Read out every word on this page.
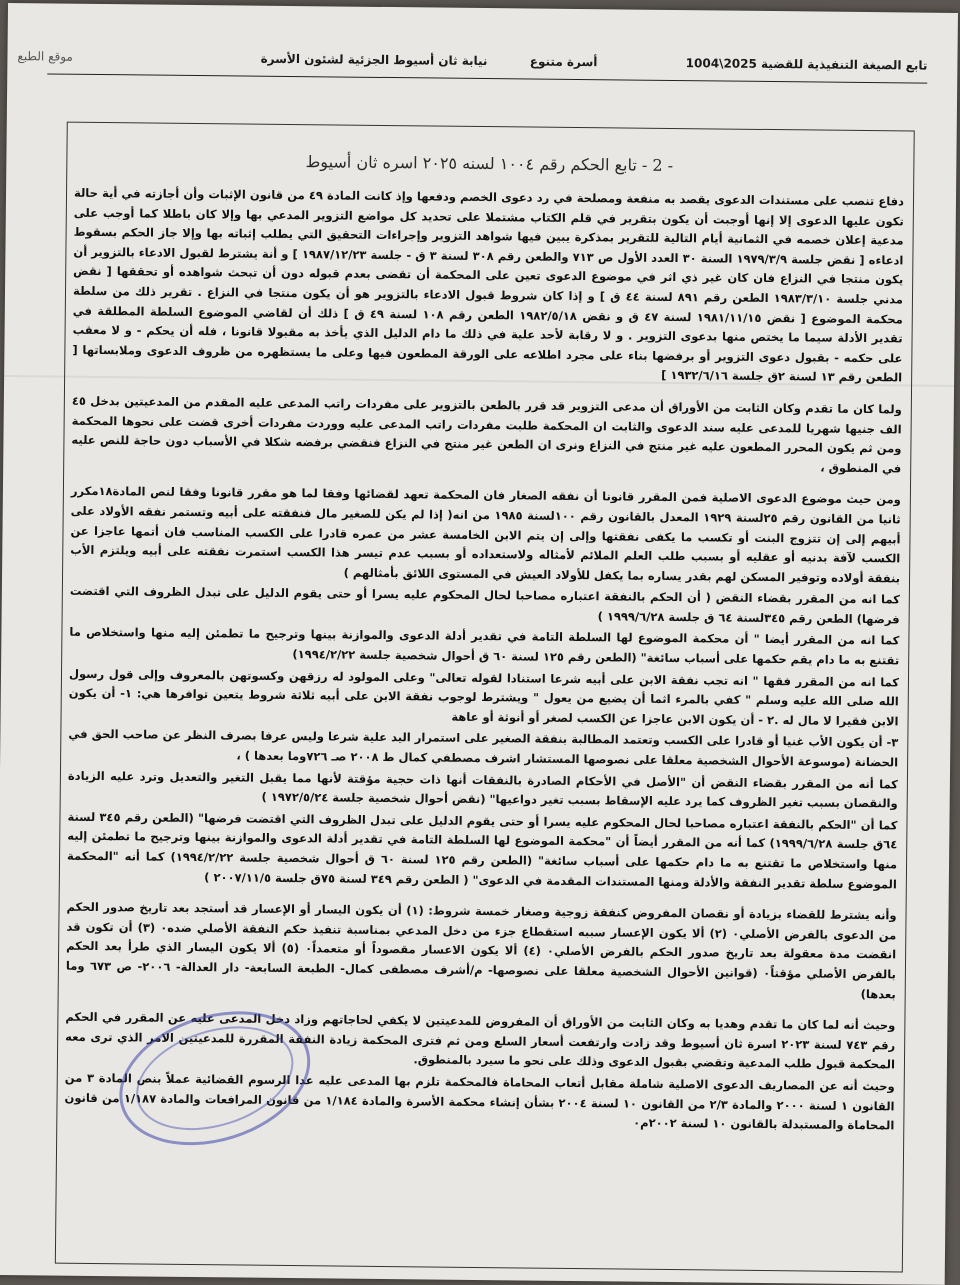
تابع الصيغة التنفيذية للقضية 2025\1004
أسرة متنوع
نيابة ثان أسيوط الجزئية لشئون الأسرة
موقع الطبع
- 2 - تابع الحكم رقم ١٠٠٤ لسنه ٢٠٢٥ اسره ثان أسيوط

دفاع تنصب على مستندات الدعوى يقصد به منفعة ومصلحة في رد دعوى الخصم ودفعها وإذ كانت المادة ٤٩ من قانون الإثبات وأن أجازته في أية حالة تكون عليها الدعوى إلا إنها أوجبت أن يكون بتقرير في قلم الكتاب مشتملا على تحديد كل مواضع التزوير المدعي بها وإلا كان باطلا كما أوجب على مدعية إعلان خصمه في الثمانية أيام التالية للتقرير بمذكرة يبين فيها شواهد التزوير وإجراءات التحقيق التي يطلب إثباته بها وإلا جاز الحكم بسقوط ادعاءه [ نقض جلسة ١٩٧٩/٣/٩ السنة ٣٠ العدد الأول ص ٧١٣ والطعن رقم ٣٠٨ لسنة ٣ ق - جلسة ١٩٨٧/١٢/٢٣ ] و أنة يشترط لقبول الادعاء بالتزوير أن يكون منتجا في النزاع فان كان غير ذي اثر في موضوع الدعوى تعين على المحكمة أن تقضى بعدم قبوله دون أن تبحث شواهده أو تحققها [ نقض مدني جلسة ١٩٨٣/٣/١٠ الطعن رقم ٨٩١ لسنة ٤٤ ق ] و إذا كان شروط قبول الادعاء بالتزوير هو أن يكون منتجا في النزاع . تقرير ذلك من سلطة محكمة الموضوع [ نقض ١٩٨١/١١/١٥ لسنة ٤٧ ق و نقض ١٩٨٢/٥/١٨ الطعن رقم ١٠٨ لسنة ٤٩ ق ] ذلك أن لقاضي الموضوع السلطة المطلقة في تقدير الأدلة سيما ما يختص منها بدعوى التزوير . و لا رقابة لأحد علية في ذلك ما دام الدليل الذي يأخذ به مقبولا قانونا ، فله أن يحكم - و لا معقب على حكمه - بقبول دعوى التزوير أو برفضها بناء على مجرد اطلاعه على الورقة المطعون فيها وعلى ما يستظهره من ظروف الدعوى وملابساتها [ الطعن رقم ١٣ لسنة ٢ق جلسة ١٩٣٢/٦/١٦ ]

ولما كان ما تقدم وكان الثابت من الأوراق أن مدعى التزوير قد قرر بالطعن بالتزوير على مفردات راتب المدعى عليه المقدم من المدعيتين بدخل ٤٥ الف جنيها شهريا للمدعى عليه سند الدعوى والثابت ان المحكمة طلبت مفردات راتب المدعى عليه ووردت مفردات أخرى قضت على نحوها المحكمة ومن ثم يكون المحرر المطعون عليه غير منتج في النزاع ونرى ان الطعن غير منتج في النزاع فنقضي برفضه شكلا في الأسباب دون حاجة للنص عليه في المنطوق ،

ومن حيث موضوع الدعوى الاصلية فمن المقرر قانونا أن نفقه الصغار فان المحكمة تعهد لقضائها وفقا لما هو مقرر قانونا وفقا لنص المادة١٨مكرر ثانيا من القانون رقم ٢٥لسنة ١٩٢٩ المعدل بالقانون رقم ١٠٠لسنة ١٩٨٥ من انه( إذا لم يكن للصغير مال فنفقته على أبيه وتستمر نفقه الأولاد على أبيهم إلى إن تتزوج البنت أو تكسب ما يكفى نفقتها وإلى إن يتم الابن الخامسة عشر من عمره قادرا على الكسب المناسب فان أتمها عاجزا عن الكسب لآفة بدنيه أو عقليه أو بسبب طلب العلم الملائم لأمثاله ولاستعداده أو بسبب عدم تيسر هذا الكسب استمرت نفقته على أبيه ويلتزم الأب بنفقة أولاده وتوفير المسكن لهم بقدر يساره بما يكفل للأولاد العيش في المستوى اللائق بأمثالهم )

كما انه من المقرر بقضاء النقض ( أن الحكم بالنفقة اعتباره مصاحبا لحال المحكوم عليه يسرا أو حتى يقوم الدليل على تبدل الظروف التي اقتضت فرضها) الطعن رقم ٣٤٥لسنة ٦٤ ق جلسة ١٩٩٩/٦/٢٨ )

كما انه من المقرر أيضا " أن محكمة الموضوع لها السلطة التامة في تقدير أدلة الدعوى والموازنة بينها وترجيح ما تطمئن إليه منها واستخلاص ما تقتنع به ما دام يقم حكمها على أسباب سائغة" (الطعن رقم ١٢٥ لسنة ٦٠ ق أحوال شخصية جلسة ١٩٩٤/٢/٢٢)

كما انه من المقرر فقها " انه تجب نفقة الابن على أبيه شرعا استنادا لقوله تعالى" وعلى المولود له رزقهن وكسوتهن بالمعروف وإلى قول رسول الله صلى الله عليه وسلم " كفي بالمرء اثما أن يضيع من يعول " ويشترط لوجوب نفقة الابن على أبيه ثلاثة شروط يتعين توافرها هي: ١- أن يكون الابن فقيرا لا مال له .٢ - أن يكون الابن عاجزا عن الكسب لصغر أو أنوثة أو عاهة

٣- أن يكون الأب غنيا أو قادرا على الكسب وتعتمد المطالبة بنفقة الصغير على استمرار اليد علية شرعا وليس عرفا بصرف النظر عن صاحب الحق في الحضانة (موسوعة الأحوال الشخصية معلقا على نصوصها المستشار اشرف مصطفي كمال ط ٢٠٠٨ صـ ٧٢٦وما بعدها ) ،

كما أنه من المقرر بقضاء النقض أن "الأصل في الأحكام الصادرة بالنفقات أنها ذات حجية مؤقتة لأنها مما يقبل التغير والتعديل وترد عليه الزيادة والنقصان بسبب تغير الظروف كما يرد عليه الإسقاط بسبب تغير دواعيها" (نقض أحوال شخصية جلسة ١٩٧٢/٥/٢٤ )

كما أن "الحكم بالنفقة اعتباره مصاحبا لحال المحكوم عليه يسرا أو حتى يقوم الدليل على تبدل الظروف التي اقتضت فرضها" (الطعن رقم ٣٤٥ لسنة ٦٤ق جلسة ١٩٩٩/٦/٢٨) كما أنه من المقرر أيضاً أن "محكمة الموضوع لها السلطة التامة في تقدير أدلة الدعوى والموازنة بينها وترجيح ما تطمئن إليه منها واستخلاص ما تقتنع به ما دام حكمها على أسباب سائغة" (الطعن رقم ١٢٥ لسنة ٦٠ ق أحوال شخصية جلسة ١٩٩٤/٢/٢٢) كما أنه "المحكمة الموضوع سلطة تقدير النفقة والأدلة ومنها المستندات المقدمة في الدعوى" ( الطعن رقم ٣٤٩ لسنة ٧٥ق جلسة ٢٠٠٧/١١/٥ )

وأنه يشترط للقضاء بزيادة أو نقصان المفروض كنفقة زوجية وصغار خمسة شروط: (١) أن يكون اليسار أو الإعسار قد أستجد بعد تاريخ صدور الحكم من الدعوى بالفرض الأصلي٠ (٢) ألا يكون الإعسار سببه استقطاع جزء من دخل المدعي بمناسبة تنفيذ حكم النفقة الأصلي ضده٠ (٣) أن تكون قد انقضت مدة معقولة بعد تاريخ صدور الحكم بالفرض الأصلي٠ (٤) ألا يكون الاعسار مقصوداً أو متعمداً٠ (٥) ألا يكون اليسار الذي طرأ بعد الحكم بالفرض الأصلي مؤقتاً٠ (قوانين الأحوال الشخصية معلقا على نصوصها- م/أشرف مصطفى كمال- الطبعة السابعة- دار العدالة- ٢٠٠٦- ص ٦٧٣ وما بعدها)

وحيث أنه لما كان ما تقدم وهديا به وكان الثابت من الأوراق أن المفروض للمدعيتين لا يكفي لحاجاتهم وزاد دخل المدعى عليه عن المقرر في الحكم رقم ٧٤٣ لسنة ٢٠٢٣ اسرة ثان أسيوط وقد زادت وارتفعت أسعار السلع ومن ثم فترى المحكمة زيادة النفقة المقررة للمدعيتين الامر الذي ترى معه المحكمة قبول طلب المدعية وتقضي بقبول الدعوى وذلك على نحو ما سيرد بالمنطوق.

وحيث أنه عن المصاريف الدعوى الاصلية شاملة مقابل أتعاب المحاماة فالمحكمة تلزم بها المدعى عليه عدا الرسوم القضائية عملاً بنص المادة ٣ من القانون ١ لسنة ٢٠٠٠ والمادة ٢/٣ من القانون ١٠ لسنة ٢٠٠٤ بشأن إنشاء محكمة الأسرة والمادة ١/١٨٤ من قانون المرافعات والمادة ١/١٨٧ من قانون المحاماة والمستبدلة بالقانون ١٠ لسنة ٢٠٠٢م٠
